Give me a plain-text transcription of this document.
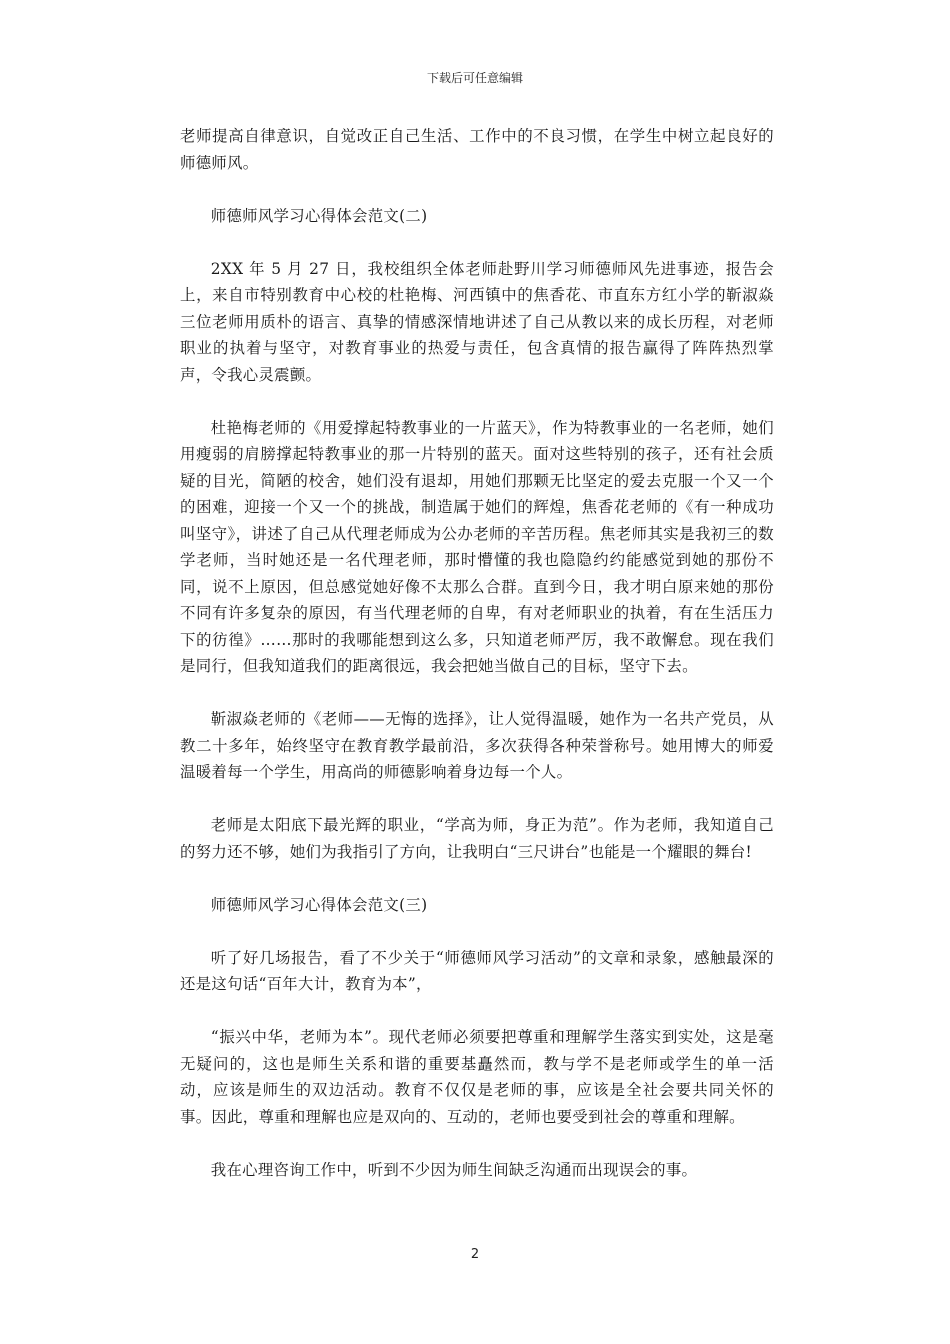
下载后可任意编辑

老师提高自律意识，自觉改正自己生活、工作中的不良习惯，在学生中树立起良好的师德师风。

师德师风学习心得体会范文(二)

2XX 年 5 月 27 日，我校组织全体老师赴野川学习师德师风先进事迹，报告会上，来自市特别教育中心校的杜艳梅、河西镇中的焦香花、市直东方红小学的靳淑焱三位老师用质朴的语言、真挚的情感深情地讲述了自己从教以来的成长历程，对老师职业的执着与坚守，对教育事业的热爱与责任，包含真情的报告赢得了阵阵热烈掌声，令我心灵震颤。

杜艳梅老师的《用爱撑起特教事业的一片蓝天》，作为特教事业的一名老师，她们用瘦弱的肩膀撑起特教事业的那一片特别的蓝天。面对这些特别的孩子，还有社会质疑的目光，简陋的校舍，她们没有退却，用她们那颗无比坚定的爱去克服一个又一个的困难，迎接一个又一个的挑战，制造属于她们的辉煌，焦香花老师的《有一种成功叫坚守》，讲述了自己从代理老师成为公办老师的辛苦历程。焦老师其实是我初三的数学老师，当时她还是一名代理老师，那时懵懂的我也隐隐约约能感觉到她的那份不同，说不上原因，但总感觉她好像不太那么合群。直到今日，我才明白原来她的那份不同有许多复杂的原因，有当代理老师的自卑，有对老师职业的执着，有在生活压力下的彷徨》……那时的我哪能想到这么多，只知道老师严厉，我不敢懈怠。现在我们是同行，但我知道我们的距离很远，我会把她当做自己的目标，坚守下去。

靳淑焱老师的《老师——无悔的选择》，让人觉得温暖，她作为一名共产党员，从教二十多年，始终坚守在教育教学最前沿，多次获得各种荣誉称号。她用博大的师爱温暖着每一个学生，用高尚的师德影响着身边每一个人。

老师是太阳底下最光辉的职业，“学高为师，身正为范”。作为老师，我知道自己的努力还不够，她们为我指引了方向，让我明白“三尺讲台”也能是一个耀眼的舞台!

师德师风学习心得体会范文(三)

听了好几场报告，看了不少关于“师德师风学习活动”的文章和录象，感触最深的还是这句话“百年大计，教育为本”，

“振兴中华，老师为本”。现代老师必须要把尊重和理解学生落实到实处，这是毫无疑问的，这也是师生关系和谐的重要基矗然而，教与学不是老师或学生的单一活动，应该是师生的双边活动。教育不仅仅是老师的事，应该是全社会要共同关怀的事。因此，尊重和理解也应是双向的、互动的，老师也要受到社会的尊重和理解。

我在心理咨询工作中，听到不少因为师生间缺乏沟通而出现误会的事。

2
